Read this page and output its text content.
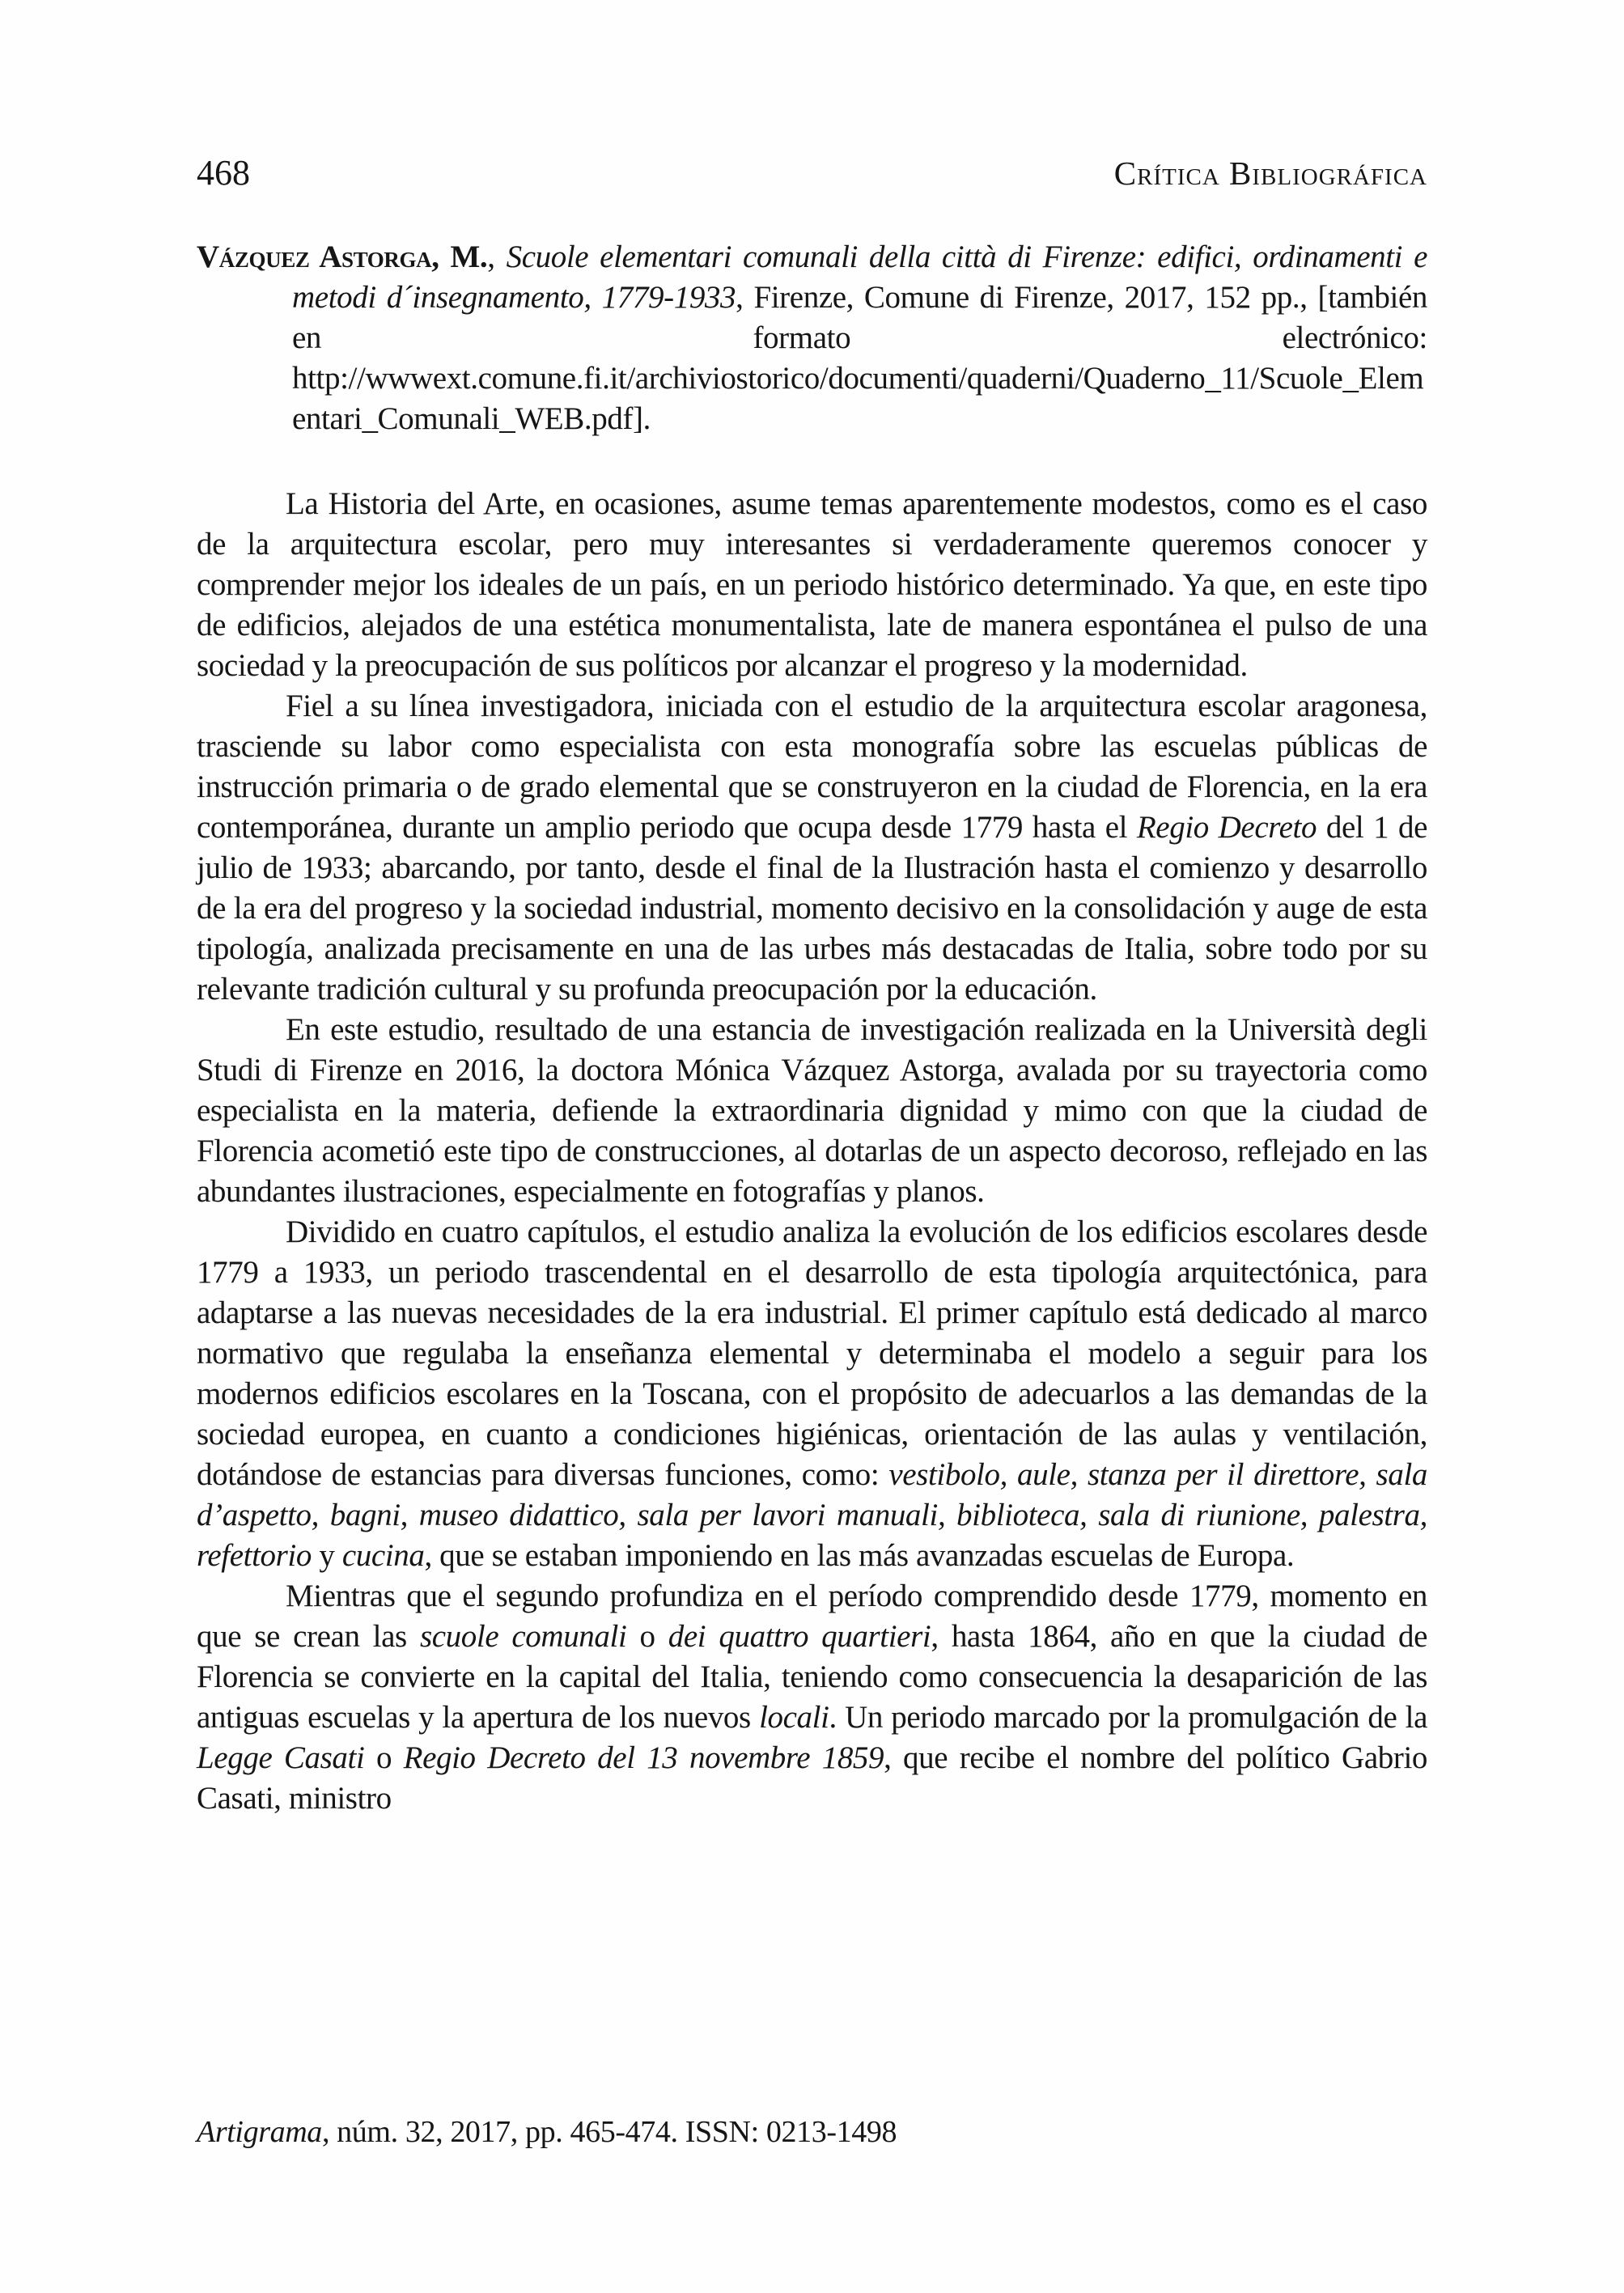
468	Crítica Bibliográfica

Vázquez Astorga, M., Scuole elementari comunali della città di Firenze: edifici, ordinamenti e metodi d´insegnamento, 1779-1933, Firenze, Comune di Firenze, 2017, 152 pp., [también en formato electrónico: http://wwwext.comune.fi.it/archiviostorico/documenti/quaderni/Quaderno_11/Scuole_Elementari_Comunali_WEB.pdf].

La Historia del Arte, en ocasiones, asume temas aparentemente modestos, como es el caso de la arquitectura escolar, pero muy interesantes si verdaderamente queremos conocer y comprender mejor los ideales de un país, en un periodo histórico determinado. Ya que, en este tipo de edificios, alejados de una estética monumentalista, late de manera espontánea el pulso de una sociedad y la preocupación de sus políticos por alcanzar el progreso y la modernidad.

Fiel a su línea investigadora, iniciada con el estudio de la arquitectura escolar aragonesa, trasciende su labor como especialista con esta monografía sobre las escuelas públicas de instrucción primaria o de grado elemental que se construyeron en la ciudad de Florencia, en la era contemporánea, durante un amplio periodo que ocupa desde 1779 hasta el Regio Decreto del 1 de julio de 1933; abarcando, por tanto, desde el final de la Ilustración hasta el comienzo y desarrollo de la era del progreso y la sociedad industrial, momento decisivo en la consolidación y auge de esta tipología, analizada precisamente en una de las urbes más destacadas de Italia, sobre todo por su relevante tradición cultural y su profunda preocupación por la educación.

En este estudio, resultado de una estancia de investigación realizada en la Università degli Studi di Firenze en 2016, la doctora Mónica Vázquez Astorga, avalada por su trayectoria como especialista en la materia, defiende la extraordinaria dignidad y mimo con que la ciudad de Florencia acometió este tipo de construcciones, al dotarlas de un aspecto decoroso, reflejado en las abundantes ilustraciones, especialmente en fotografías y planos.

Dividido en cuatro capítulos, el estudio analiza la evolución de los edificios escolares desde 1779 a 1933, un periodo trascendental en el desarrollo de esta tipología arquitectónica, para adaptarse a las nuevas necesidades de la era industrial. El primer capítulo está dedicado al marco normativo que regulaba la enseñanza elemental y determinaba el modelo a seguir para los modernos edificios escolares en la Toscana, con el propósito de adecuarlos a las demandas de la sociedad europea, en cuanto a condiciones higiénicas, orientación de las aulas y ventilación, dotándose de estancias para diversas funciones, como: vestibolo, aule, stanza per il direttore, sala d’aspetto, bagni, museo didattico, sala per lavori manuali, biblioteca, sala di riunione, palestra, refettorio y cucina, que se estaban imponiendo en las más avanzadas escuelas de Europa.

Mientras que el segundo profundiza en el período comprendido desde 1779, momento en que se crean las scuole comunali o dei quattro quartieri, hasta 1864, año en que la ciudad de Florencia se convierte en la capital del Italia, teniendo como consecuencia la desaparición de las antiguas escuelas y la apertura de los nuevos locali. Un periodo marcado por la promulgación de la Legge Casati o Regio Decreto del 13 novembre 1859, que recibe el nombre del político Gabrio Casati, ministro

Artigrama, núm. 32, 2017, pp. 465-474. ISSN: 0213-1498
